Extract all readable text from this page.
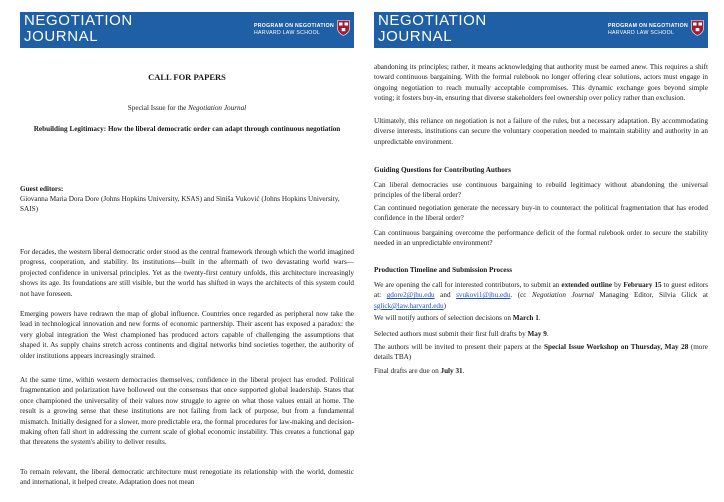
NEGOTIATION
JOURNAL
PROGRAM ON NEGOTIATION
HARVARD LAW SCHOOL
CALL FOR PAPERS
Special Issue for the Negotiation Journal
Rebuilding Legitimacy: How the liberal democratic order can adapt through continuous negotiation
Guest editors:
Giovanna Maria Dora Dore (Johns Hopkins University, KSAS) and Siniša Vuković (Johns Hopkins University, SAIS)

For decades, the western liberal democratic order stood as the central framework through which the world imagined progress, cooperation, and stability. Its institutions—built in the aftermath of two devastating world wars—projected confidence in universal principles. Yet as the twenty-first century unfolds, this architecture increasingly shows its age. Its foundations are still visible, but the world has shifted in ways the architects of this system could not have foreseen.

Emerging powers have redrawn the map of global influence. Countries once regarded as peripheral now take the lead in technological innovation and new forms of economic partnership. Their ascent has exposed a paradox: the very global integration the West championed has produced actors capable of challenging the assumptions that shaped it. As supply chains stretch across continents and digital networks bind societies together, the authority of older institutions appears increasingly strained.

At the same time, within western democracies themselves, confidence in the liberal project has eroded. Political fragmentation and polarization have hollowed out the consensus that once supported global leadership. States that once championed the universality of their values now struggle to agree on what those values entail at home. The result is a growing sense that these institutions are not failing from lack of purpose, but from a fundamental mismatch. Initially designed for a slower, more predictable era, the formal procedures for law-making and decision-making often fall short in addressing the current scale of global economic instability. This creates a functional gap that threatens the system's ability to deliver results.

To remain relevant, the liberal democratic architecture must renegotiate its relationship with the world, domestic and international, it helped create. Adaptation does not mean

NEGOTIATION
JOURNAL
PROGRAM ON NEGOTIATION
HARVARD LAW SCHOOL

abandoning its principles; rather, it means acknowledging that authority must be earned anew. This requires a shift toward continuous bargaining. With the formal rulebook no longer offering clear solutions, actors must engage in ongoing negotiation to reach mutually acceptable compromises. This dynamic exchange goes beyond simple voting; it fosters buy-in, ensuring that diverse stakeholders feel ownership over policy rather than exclusion.

Ultimately, this reliance on negotiation is not a failure of the rules, but a necessary adaptation. By accommodating diverse interests, institutions can secure the voluntary cooperation needed to maintain stability and authority in an unpredictable environment.

Guiding Questions for Contributing Authors

Can liberal democracies use continuous bargaining to rebuild legitimacy without abandoning the universal principles of the liberal order?

Can continued negotiation generate the necessary buy-in to counteract the political fragmentation that has eroded confidence in the liberal order?

Can continuous bargaining overcome the performance deficit of the formal rulebook order to secure the stability needed in an unpredictable environment?

Production Timeline and Submission Process

We are opening the call for interested contributors, to submit an extended outline by February 15 to guest editors at: gdore2@jhu.edu and svukovi1@jhu.edu. (cc Negotiation Journal Managing Editor, Silvia Glick at sglick@law.harvard.edu)

We will notify authors of selection decisions on March 1.

Selected authors must submit their first full drafts by May 9.

The authors will be invited to present their papers at the Special Issue Workshop on Thursday, May 28 (more details TBA)

Final drafts are due on July 31.
